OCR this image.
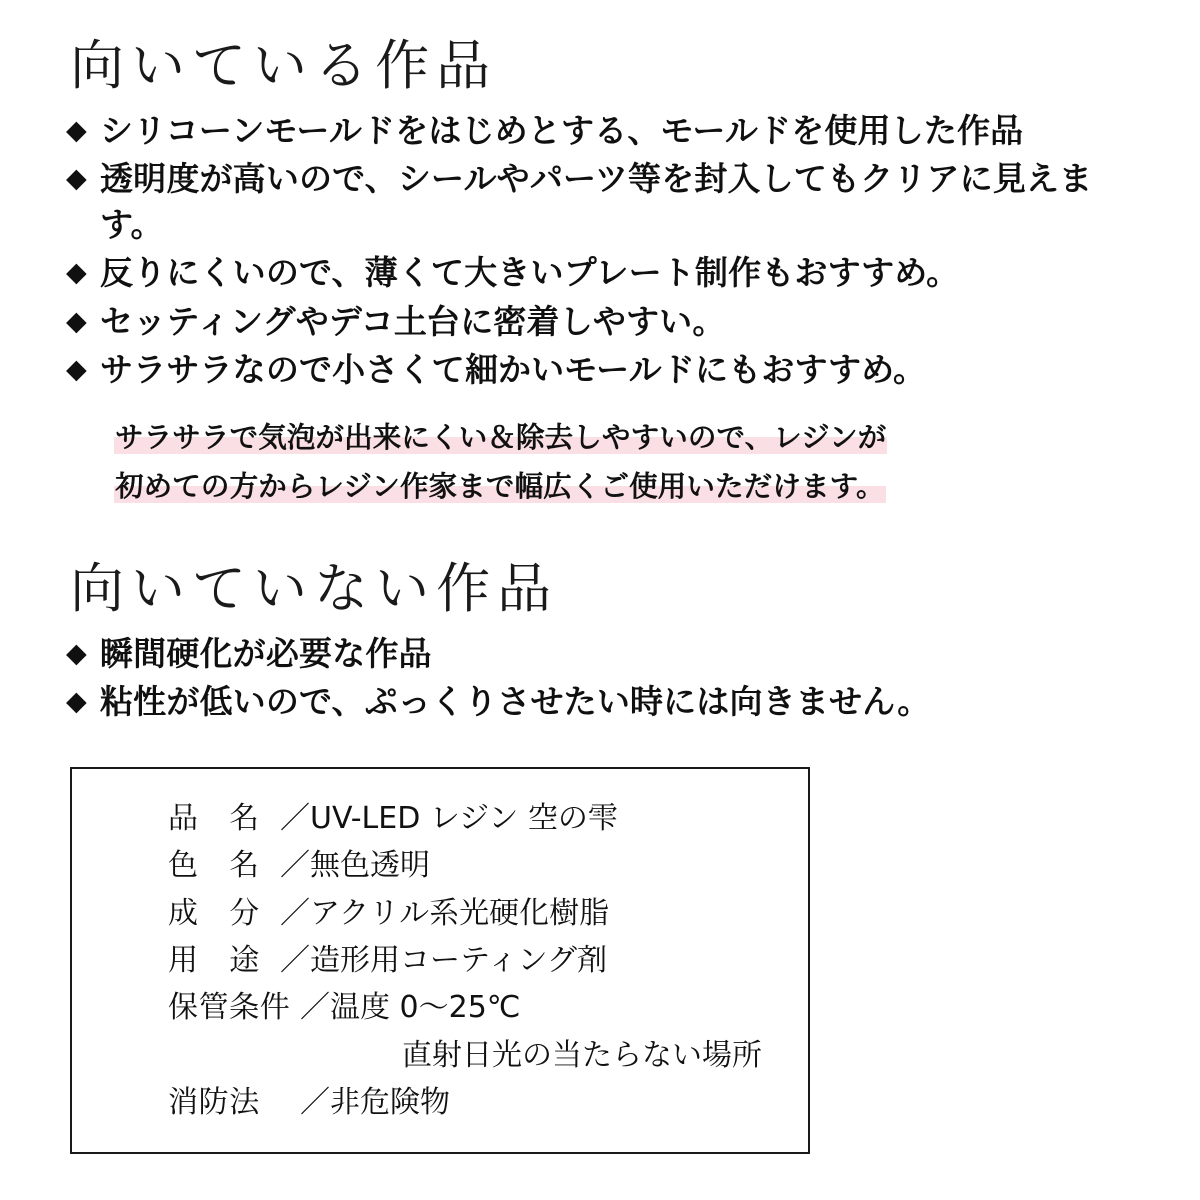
向いている作品
◆ シリコーンモールドをはじめとする、モールドを使用した作品
◆ 透明度が高いので、シールやパーツ等を封入してもクリアに見えます。
◆ 反りにくいので、薄くて大きいプレート制作もおすすめ。
◆ セッティングやデコ土台に密着しやすい。
◆ サラサラなので小さくて細かいモールドにもおすすめ。
サラサラで気泡が出来にくい＆除去しやすいので、レジンが
初めての方からレジン作家まで幅広くご使用いただけます。
向いていない作品
◆ 瞬間硬化が必要な作品
◆ 粘性が低いので、ぷっくりさせたい時には向きません。
品　名 ／ UV-LED レジン 空の雫
色　名 ／ 無色透明
成　分 ／ アクリル系光硬化樹脂
用　途 ／ 造形用コーティング剤
保管条件 ／ 温度 0〜25℃
直射日光の当たらない場所
消防法	／ 非危険物
